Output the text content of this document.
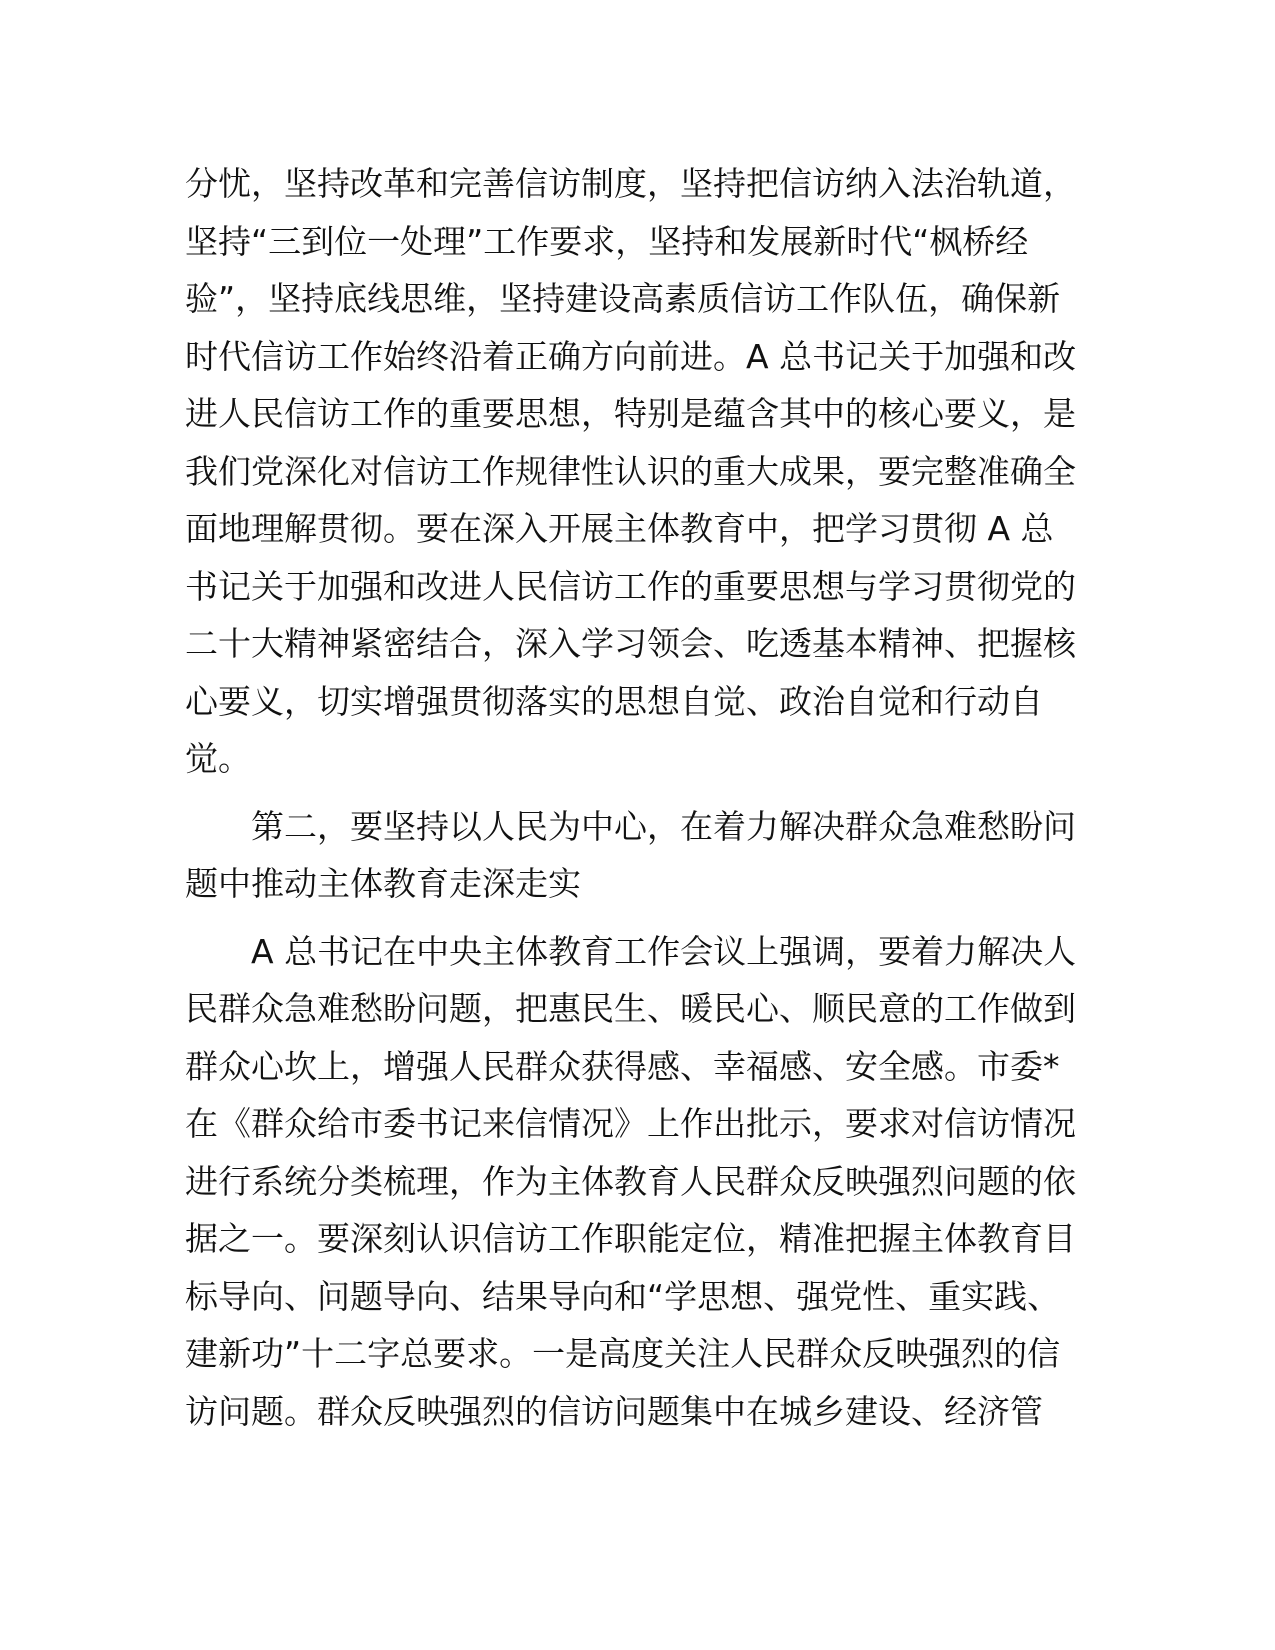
分忧，坚持改革和完善信访制度，坚持把信访纳入法治轨道，
坚持“三到位一处理”工作要求，坚持和发展新时代“枫桥经
验”，坚持底线思维，坚持建设高素质信访工作队伍，确保新
时代信访工作始终沿着正确方向前进。A 总书记关于加强和改
进人民信访工作的重要思想，特别是蕴含其中的核心要义，是
我们党深化对信访工作规律性认识的重大成果，要完整准确全
面地理解贯彻。要在深入开展主体教育中，把学习贯彻 A 总
书记关于加强和改进人民信访工作的重要思想与学习贯彻党的
二十大精神紧密结合，深入学习领会、吃透基本精神、把握核
心要义，切实增强贯彻落实的思想自觉、政治自觉和行动自
觉。
第二，要坚持以人民为中心，在着力解决群众急难愁盼问
题中推动主体教育走深走实
A 总书记在中央主体教育工作会议上强调，要着力解决人
民群众急难愁盼问题，把惠民生、暖民心、顺民意的工作做到
群众心坎上，增强人民群众获得感、幸福感、安全感。市委*
在《群众给市委书记来信情况》上作出批示，要求对信访情况
进行系统分类梳理，作为主体教育人民群众反映强烈问题的依
据之一。要深刻认识信访工作职能定位，精准把握主体教育目
标导向、问题导向、结果导向和“学思想、强党性、重实践、
建新功”十二字总要求。一是高度关注人民群众反映强烈的信
访问题。群众反映强烈的信访问题集中在城乡建设、经济管
